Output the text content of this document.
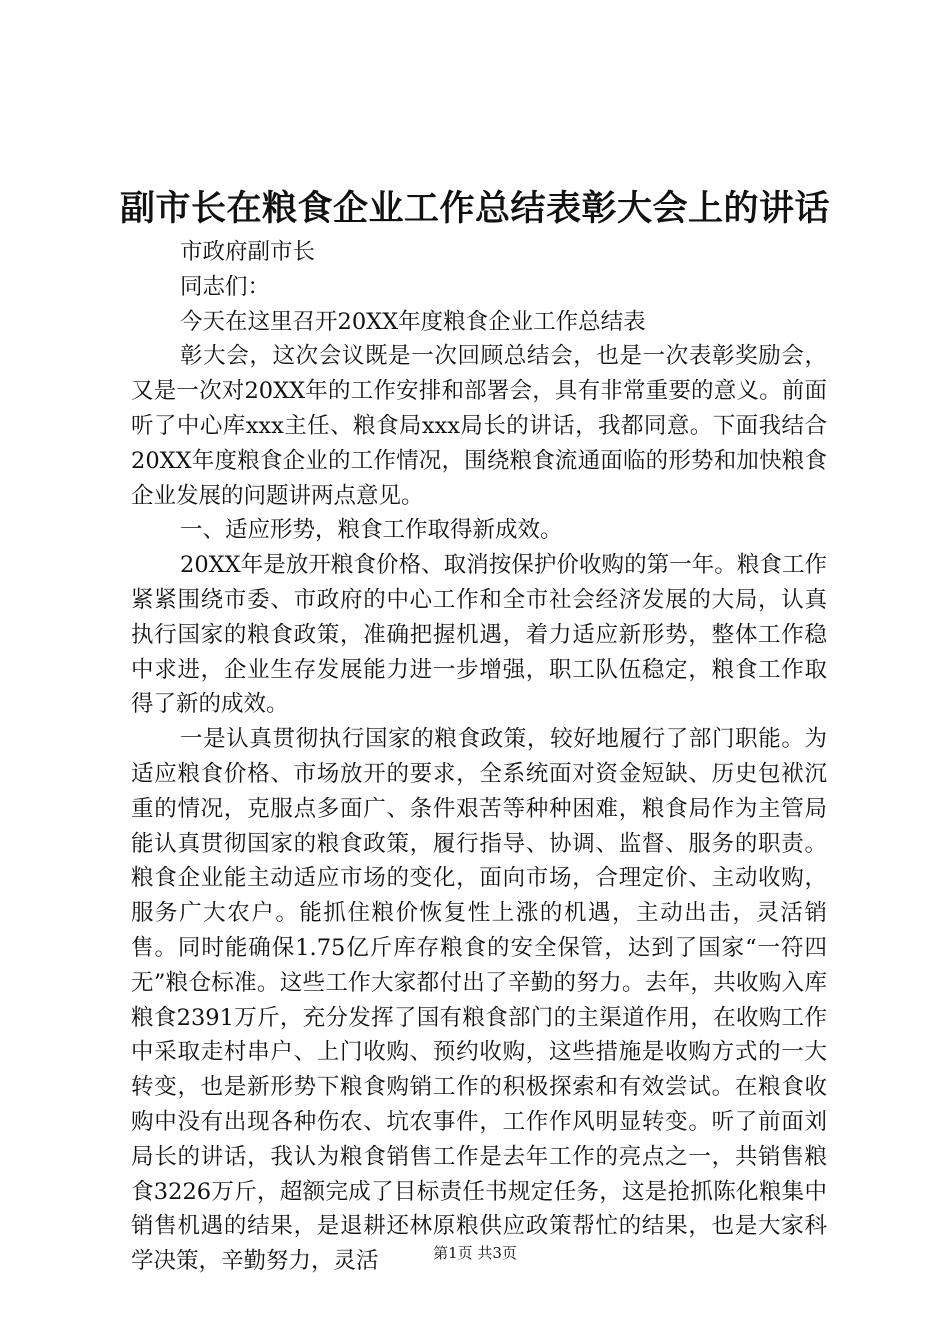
副市长在粮食企业工作总结表彰大会上的讲话

市政府副市长

同志们：

今天在这里召开20XX年度粮食企业工作总结表

彰大会，这次会议既是一次回顾总结会，也是一次表彰奖励会，又是一次对20XX年的工作安排和部署会，具有非常重要的意义。前面听了中心库xxx主任、粮食局xxx局长的讲话，我都同意。下面我结合20XX年度粮食企业的工作情况，围绕粮食流通面临的形势和加快粮食企业发展的问题讲两点意见。

一、适应形势，粮食工作取得新成效。

20XX年是放开粮食价格、取消按保护价收购的第一年。粮食工作紧紧围绕市委、市政府的中心工作和全市社会经济发展的大局，认真执行国家的粮食政策，准确把握机遇，着力适应新形势，整体工作稳中求进，企业生存发展能力进一步增强，职工队伍稳定，粮食工作取得了新的成效。

一是认真贯彻执行国家的粮食政策，较好地履行了部门职能。为适应粮食价格、市场放开的要求，全系统面对资金短缺、历史包袱沉重的情况，克服点多面广、条件艰苦等种种困难，粮食局作为主管局能认真贯彻国家的粮食政策，履行指导、协调、监督、服务的职责。粮食企业能主动适应市场的变化，面向市场，合理定价、主动收购，服务广大农户。能抓住粮价恢复性上涨的机遇，主动出击，灵活销售。同时能确保1.75亿斤库存粮食的安全保管，达到了国家“一符四无”粮仓标准。这些工作大家都付出了辛勤的努力。去年，共收购入库粮食2391万斤，充分发挥了国有粮食部门的主渠道作用，在收购工作中采取走村串户、上门收购、预约收购，这些措施是收购方式的一大转变，也是新形势下粮食购销工作的积极探索和有效尝试。在粮食收购中没有出现各种伤农、坑农事件，工作作风明显转变。听了前面刘局长的讲话，我认为粮食销售工作是去年工作的亮点之一，共销售粮食3226万斤，超额完成了目标责任书规定任务，这是抢抓陈化粮集中销售机遇的结果，是退耕还林原粮供应政策帮忙的结果，也是大家科学决策，辛勤努力，灵活	第1页 共3页
